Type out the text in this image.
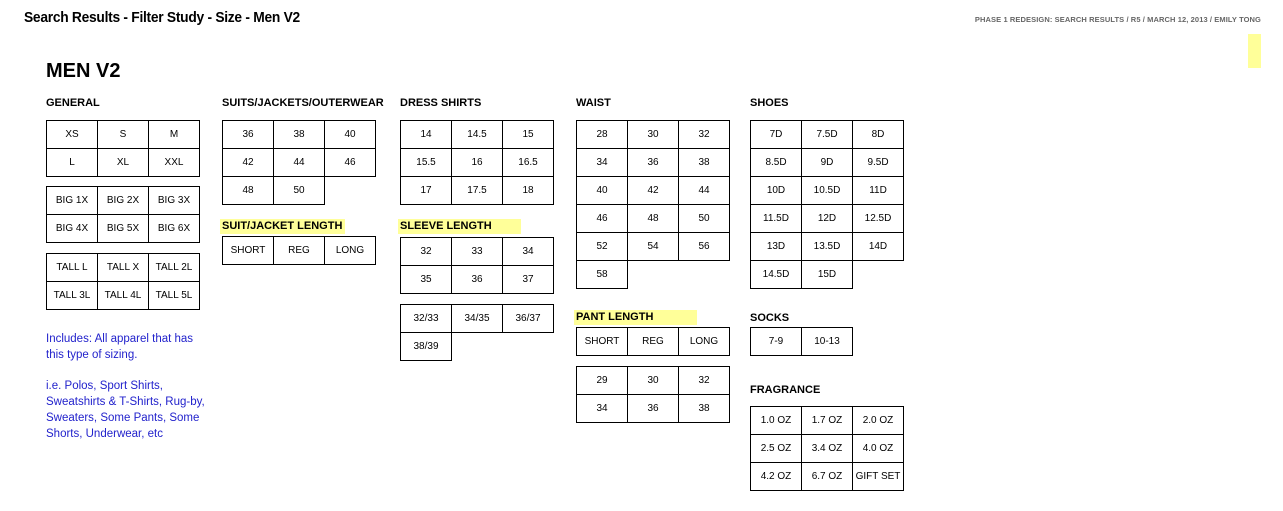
Search Results - Filter Study - Size - Men V2	PHASE 1 REDESIGN: SEARCH RESULTS / R5 / MARCH 12, 2013 / EMILY TONG
MEN V2
GENERAL
XS	S	M
L	XL	XXL
BIG 1X	BIG 2X	BIG 3X
BIG 4X	BIG 5X	BIG 6X
TALL L	TALL X	TALL 2L
TALL 3L	TALL 4L	TALL 5L
Includes: All apparel that has this type of sizing.
i.e. Polos, Sport Shirts, Sweatshirts & T-Shirts, Rug-by, Sweaters, Some Pants, Some Shorts, Underwear, etc
SUITS/JACKETS/OUTERWEAR
36	38	40
42	44	46
48	50
SUIT/JACKET LENGTH
SHORT	REG	LONG
DRESS SHIRTS
14	14.5	15
15.5	16	16.5
17	17.5	18
SLEEVE LENGTH
32	33	34
35	36	37
32/33	34/35	36/37
38/39
WAIST
28	30	32
34	36	38
40	42	44
46	48	50
52	54	56
58
PANT LENGTH
SHORT	REG	LONG
29	30	32
34	36	38
SHOES
7D	7.5D	8D
8.5D	9D	9.5D
10D	10.5D	11D
11.5D	12D	12.5D
13D	13.5D	14D
14.5D	15D
SOCKS
7-9	10-13
FRAGRANCE
1.0 OZ	1.7 OZ	2.0 OZ
2.5 OZ	3.4 OZ	4.0 OZ
4.2 OZ	6.7 OZ	GIFT SET
